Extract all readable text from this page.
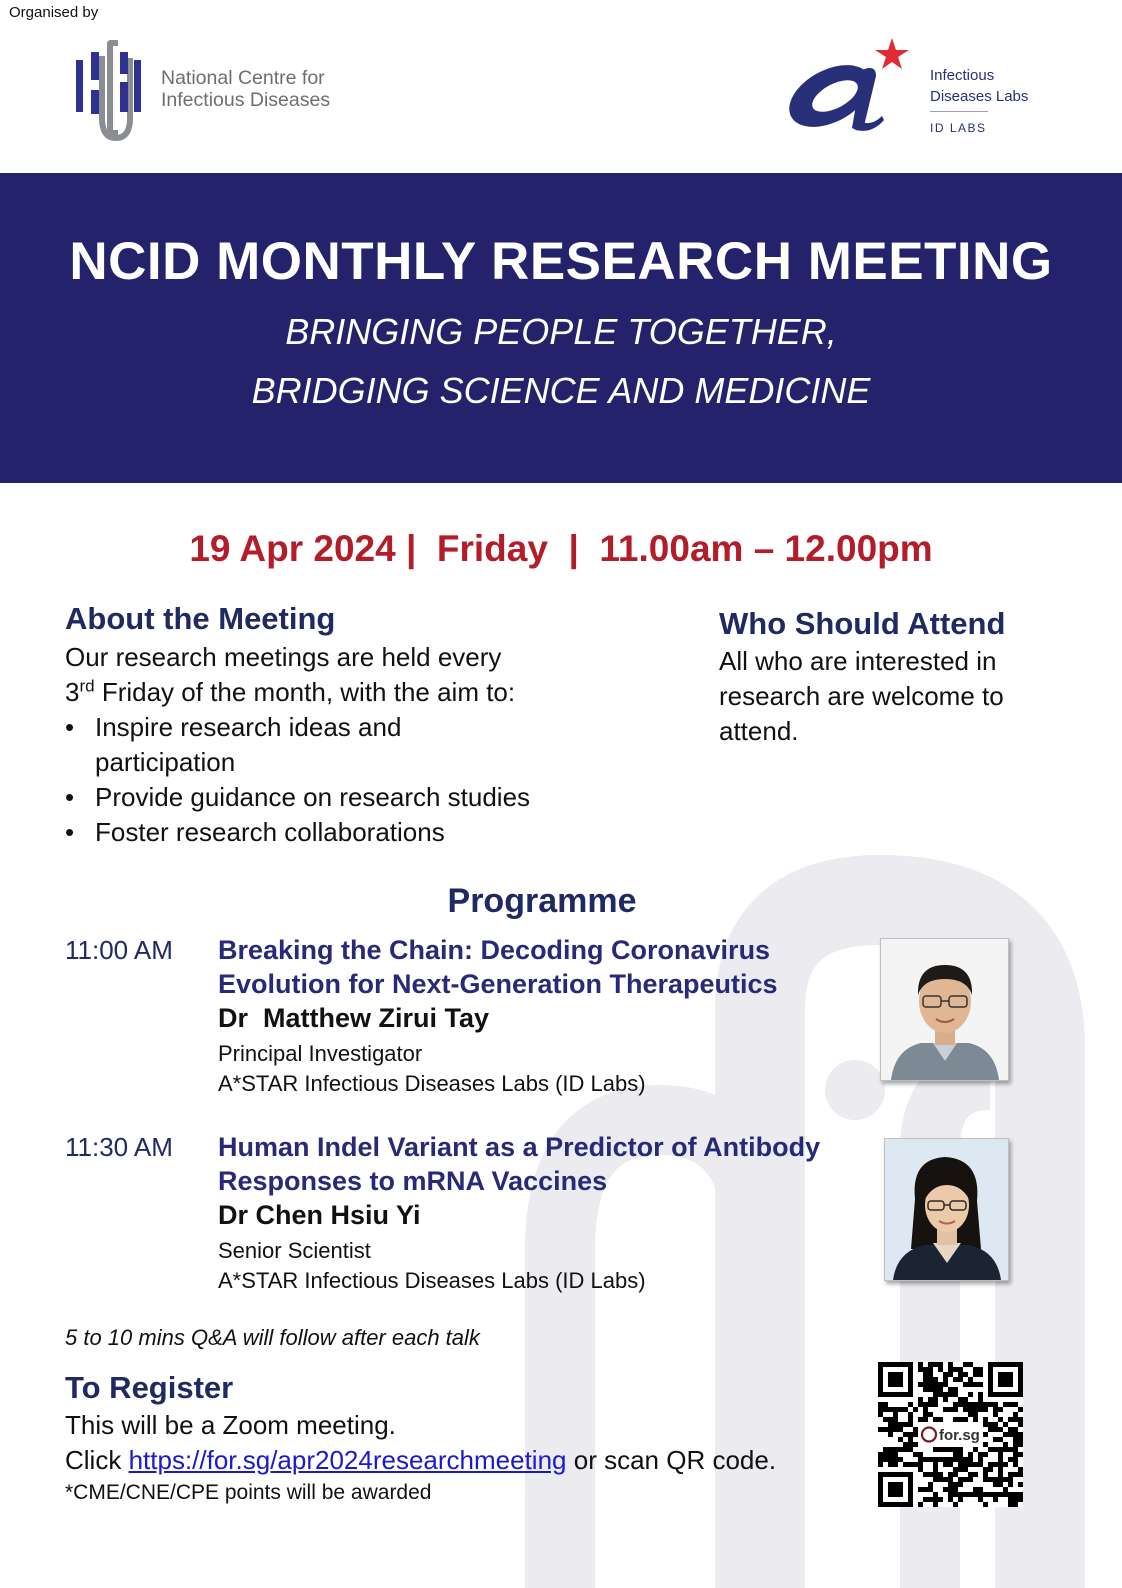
Organised by
National Centre for
Infectious Diseases
Infectious
Diseases Labs
ID LABS
NCID MONTHLY RESEARCH MEETING
BRINGING PEOPLE TOGETHER,
BRIDGING SCIENCE AND MEDICINE
19 Apr 2024 |  Friday  |  11.00am – 12.00pm
About the Meeting
Our research meetings are held every
3rd Friday of the month, with the aim to:
• Inspire research ideas and participation
• Provide guidance on research studies
• Foster research collaborations
Who Should Attend
All who are interested in research are welcome to attend.
Programme
11:00 AM Breaking the Chain: Decoding Coronavirus Evolution for Next-Generation Therapeutics
Dr  Matthew Zirui Tay
Principal Investigator
A*STAR Infectious Diseases Labs (ID Labs)
11:30 AM Human Indel Variant as a Predictor of Antibody Responses to mRNA Vaccines
Dr Chen Hsiu Yi
Senior Scientist
A*STAR Infectious Diseases Labs (ID Labs)
5 to 10 mins Q&A will follow after each talk
To Register
This will be a Zoom meeting.
Click https://for.sg/apr2024researchmeeting or scan QR code.
*CME/CNE/CPE points will be awarded
for.sg
